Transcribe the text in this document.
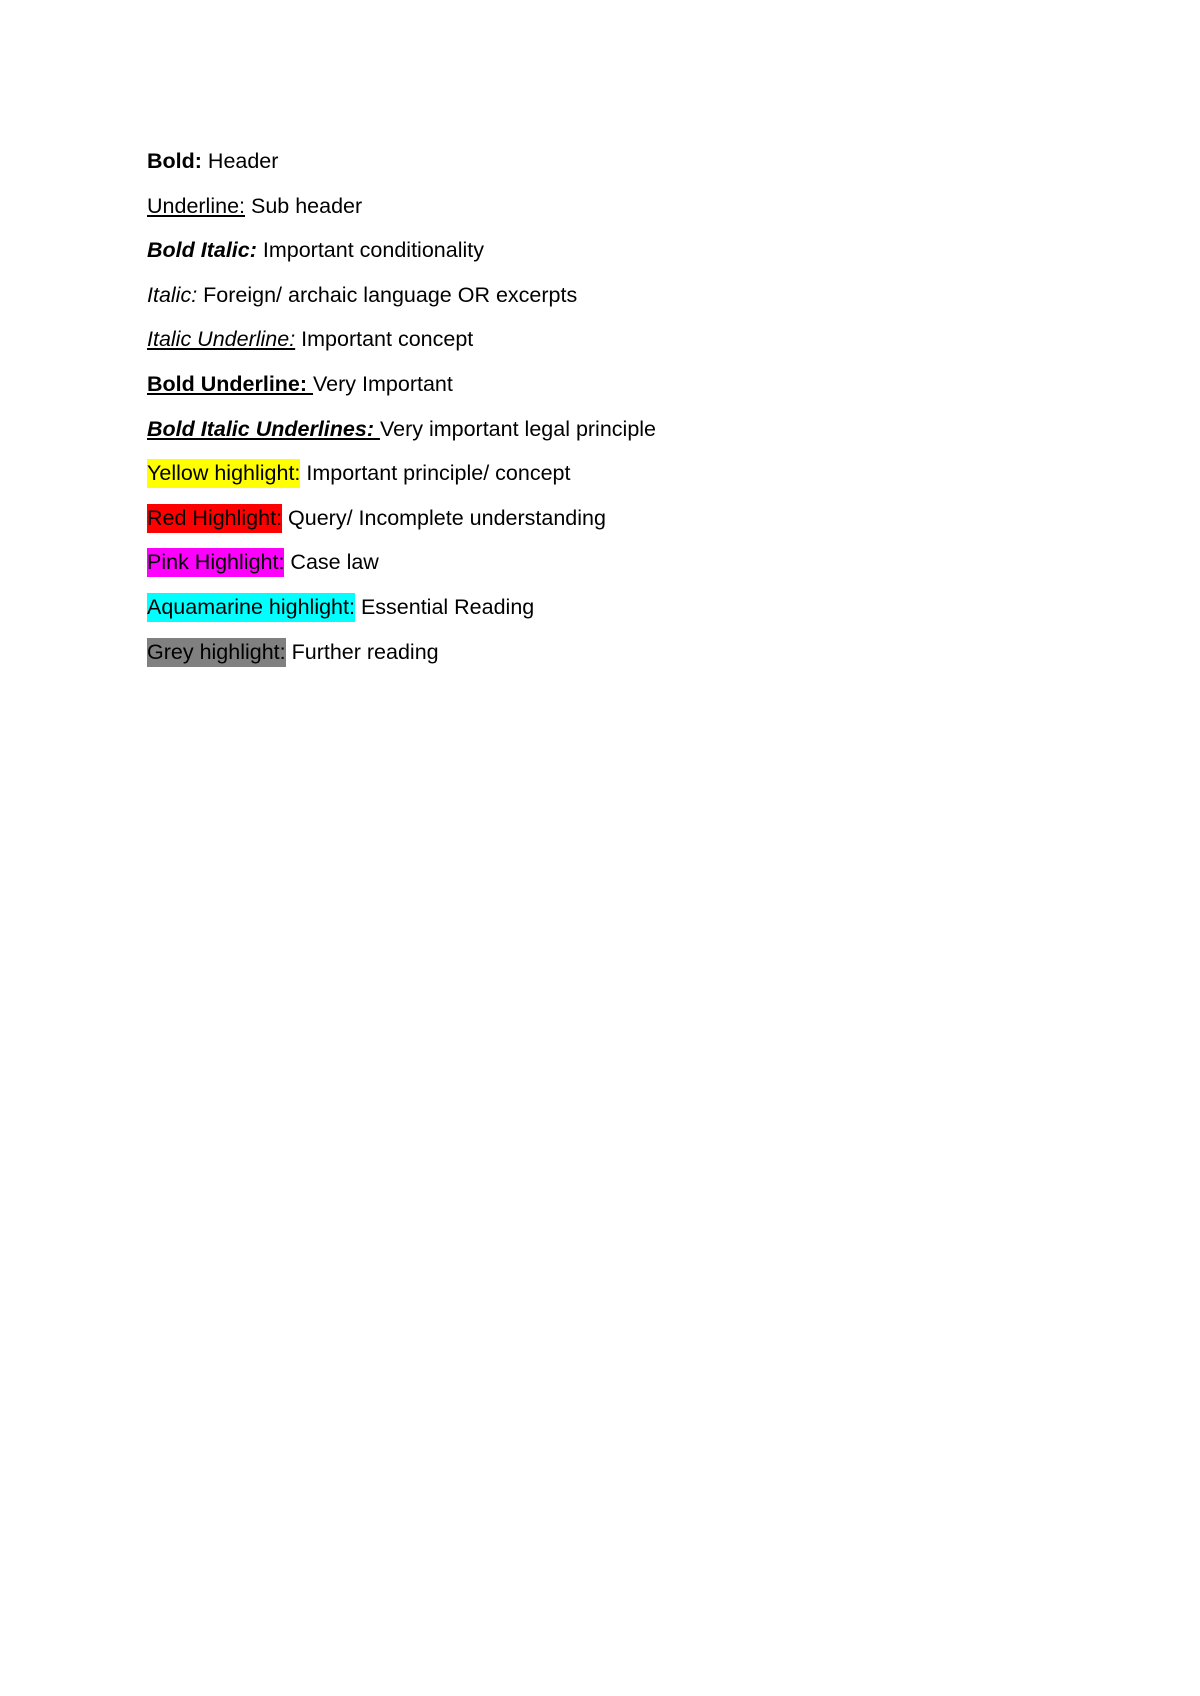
Bold: Header
Underline: Sub header
Bold Italic: Important conditionality
Italic: Foreign/ archaic language OR excerpts
Italic Underline: Important concept
Bold Underline: Very Important
Bold Italic Underlines: Very important legal principle
Yellow highlight: Important principle/ concept
Red Highlight: Query/ Incomplete understanding
Pink Highlight: Case law
Aquamarine highlight: Essential Reading
Grey highlight: Further reading
